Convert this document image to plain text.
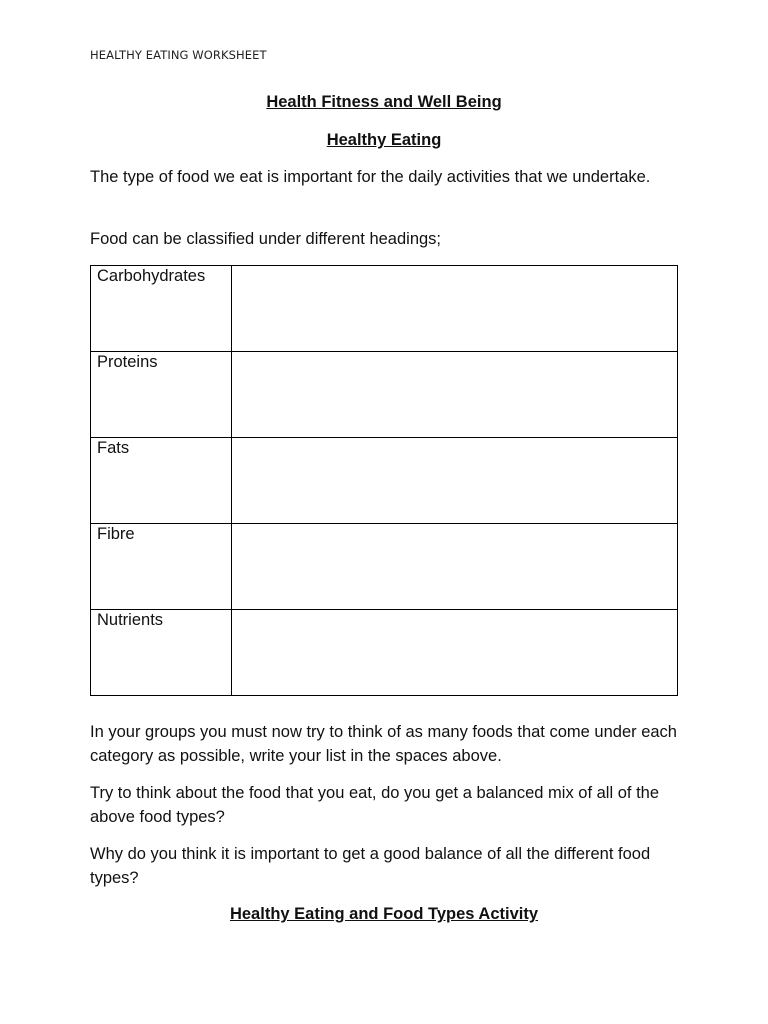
HEALTHY EATING WORKSHEET
Health Fitness and Well Being
Healthy Eating

The type of food we eat is important for the daily activities that we undertake.

Food can be classified under different headings;

Carbohydrates	
Proteins	
Fats	
Fibre	
Nutrients	

In your groups you must now try to think of as many foods that come under each category as possible, write your list in the spaces above.

Try to think about the food that you eat, do you get a balanced mix of all of the above food types?

Why do you think it is important to get a good balance of all the different food types?

Healthy Eating and Food Types Activity
